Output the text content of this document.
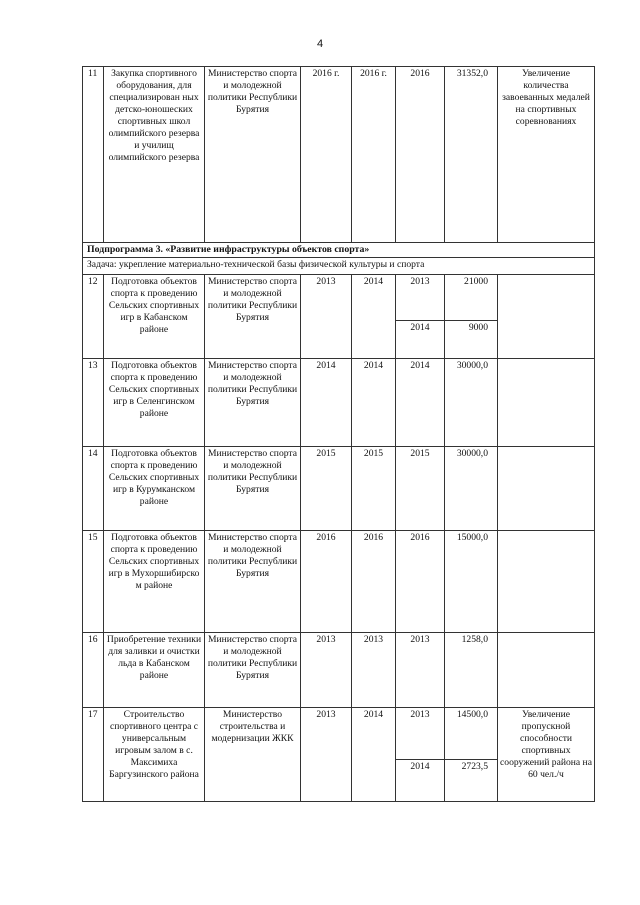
4
11	Закупка спортивного оборудования, для специализирован ных детско-юношеских спортивных школ олимпийского резерва и училищ олимпийского резерва	Министерство спорта и молодежной политики Республики Бурятия	2016 г.	2016 г.	2016	31352,0	Увеличение количества завоеванных медалей на спортивных соревнованиях
Подпрограмма 3. «Развитие инфраструктуры объектов спорта»							
Задача: укрепление материально-технической базы физической культуры и спорта							
12	Подготовка объектов спорта к проведению Сельских спортивных игр в Кабанском районе	Министерство спорта и молодежной политики Республики Бурятия	2013	2014	2013	21000	
					2014	9000	
13	Подготовка объектов спорта к проведению Сельских спортивных игр в Селенгинском районе	Министерство спорта и молодежной политики Республики Бурятия	2014	2014	2014	30000,0	
14	Подготовка объектов спорта к проведению Сельских спортивных игр в Курумканском районе	Министерство спорта и молодежной политики Республики Бурятия	2015	2015	2015	30000,0	
15	Подготовка объектов спорта к проведению Сельских спортивных игр в Мухоршибирско м районе	Министерство спорта и молодежной политики Республики Бурятия	2016	2016	2016	15000,0	
16	Приобретение техники для заливки и очистки льда в Кабанском районе	Министерство спорта и молодежной политики Республики Бурятия	2013	2013	2013	1258,0	
17	Строительство спортивного центра с универсальным игровым залом в с. Максимиха Баргузинского района	Министерство строительства и модернизации ЖКК	2013	2014	2013	14500,0	Увеличение пропускной способности спортивных сооружений района на 60 чел./ч
					2014	2723,5	
